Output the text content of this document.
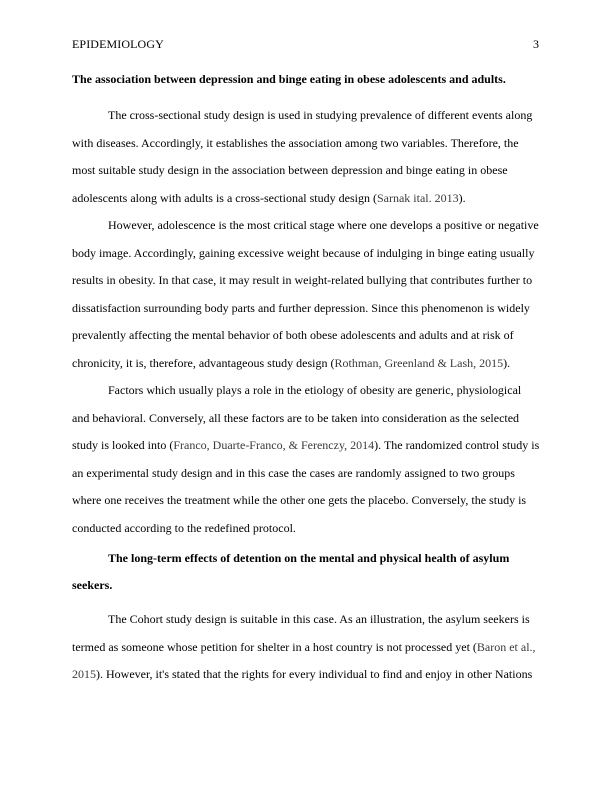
EPIDEMIOLOGY	3

The association between depression and binge eating in obese adolescents and adults.

The cross-sectional study design is used in studying prevalence of different events along with diseases. Accordingly, it establishes the association among two variables. Therefore, the most suitable study design in the association between depression and binge eating in obese adolescents along with adults is a cross-sectional study design (Sarnak ital. 2013).

However, adolescence is the most critical stage where one develops a positive or negative body image. Accordingly, gaining excessive weight because of indulging in binge eating usually results in obesity. In that case, it may result in weight-related bullying that contributes further to dissatisfaction surrounding body parts and further depression. Since this phenomenon is widely prevalently affecting the mental behavior of both obese adolescents and adults and at risk of chronicity, it is, therefore, advantageous study design (Rothman, Greenland & Lash, 2015).

Factors which usually plays a role in the etiology of obesity are generic, physiological and behavioral. Conversely, all these factors are to be taken into consideration as the selected study is looked into (Franco, Duarte-Franco, & Ferenczy, 2014). The randomized control study is an experimental study design and in this case the cases are randomly assigned to two groups where one receives the treatment while the other one gets the placebo. Conversely, the study is conducted according to the redefined protocol.

The long-term effects of detention on the mental and physical health of asylum seekers.

The Cohort study design is suitable in this case. As an illustration, the asylum seekers is termed as someone whose petition for shelter in a host country is not processed yet (Baron et al., 2015). However, it's stated that the rights for every individual to find and enjoy in other Nations
